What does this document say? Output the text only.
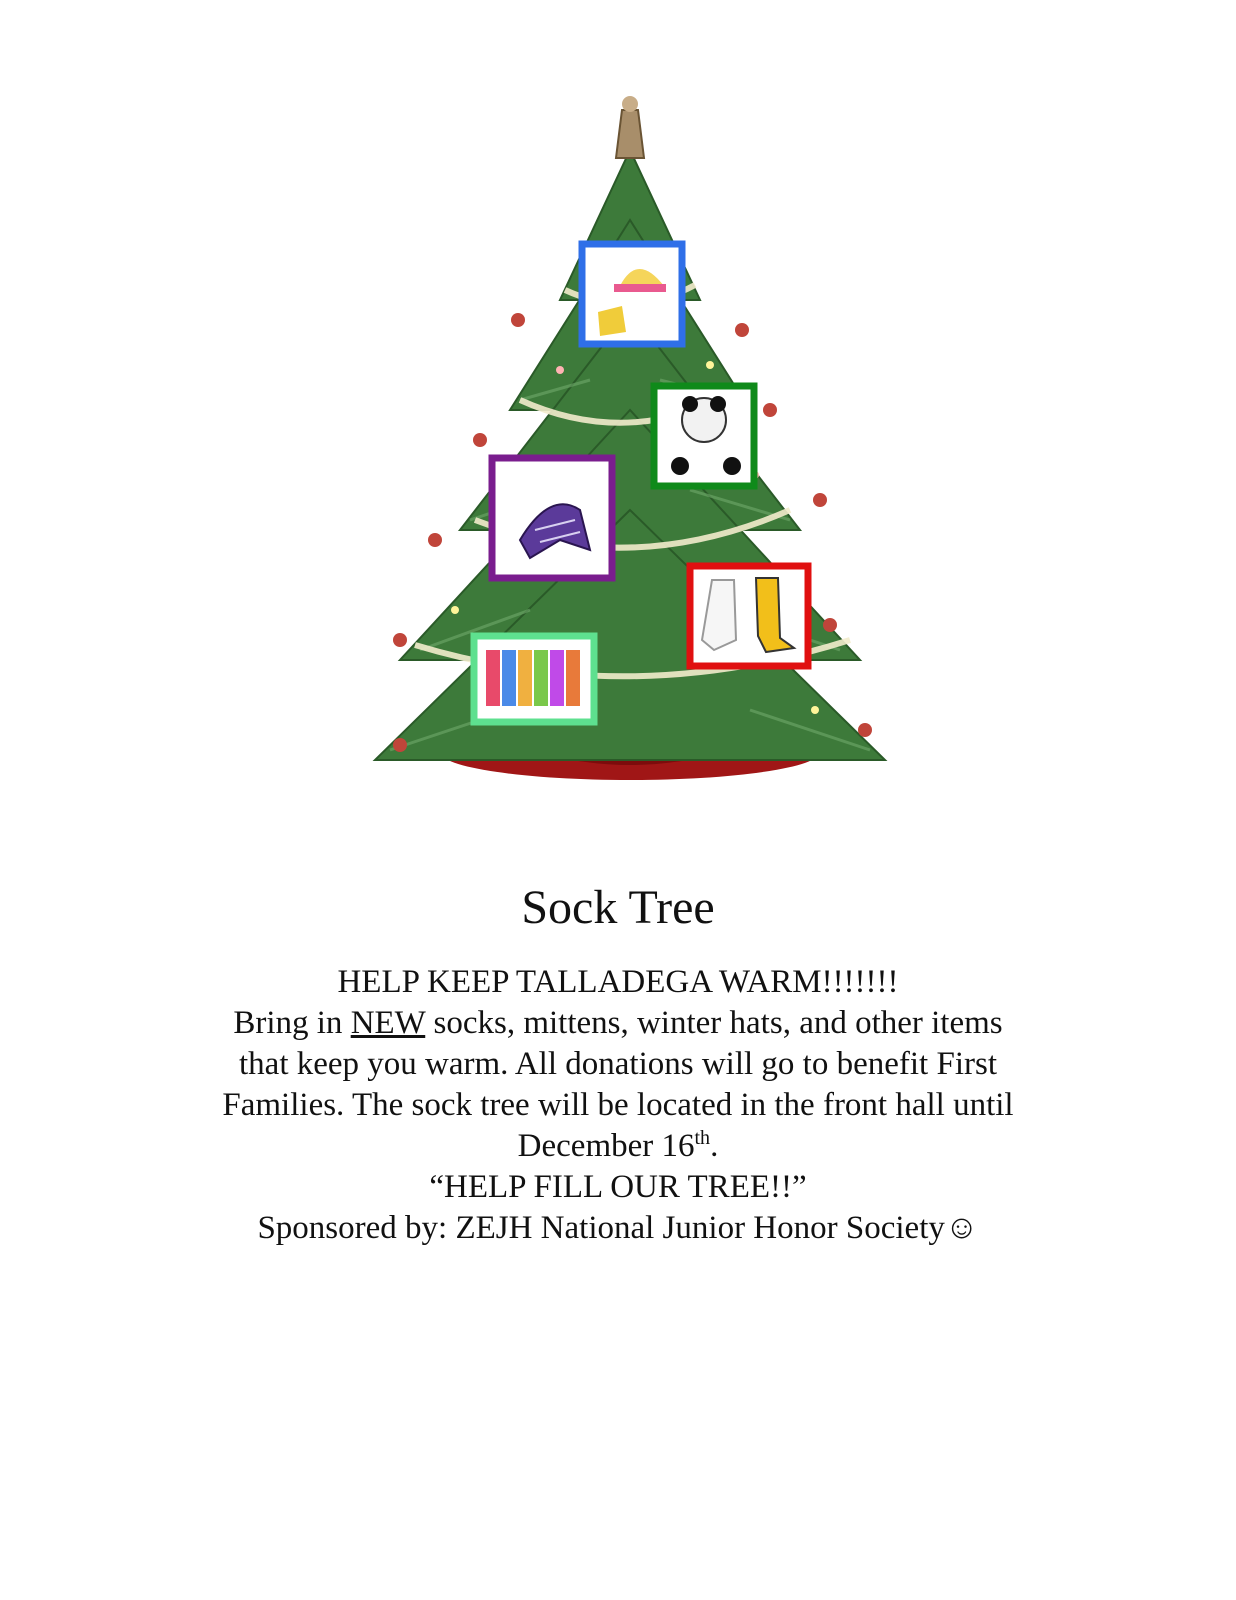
Sock Tree
HELP KEEP TALLADEGA WARM!!!!!!!
Bring in NEW socks, mittens, winter hats, and other items
that keep you warm. All donations will go to benefit First
Families. The sock tree will be located in the front hall until
December 16th.
“HELP FILL OUR TREE!!”
Sponsored by: ZEJH National Junior Honor Society☺
